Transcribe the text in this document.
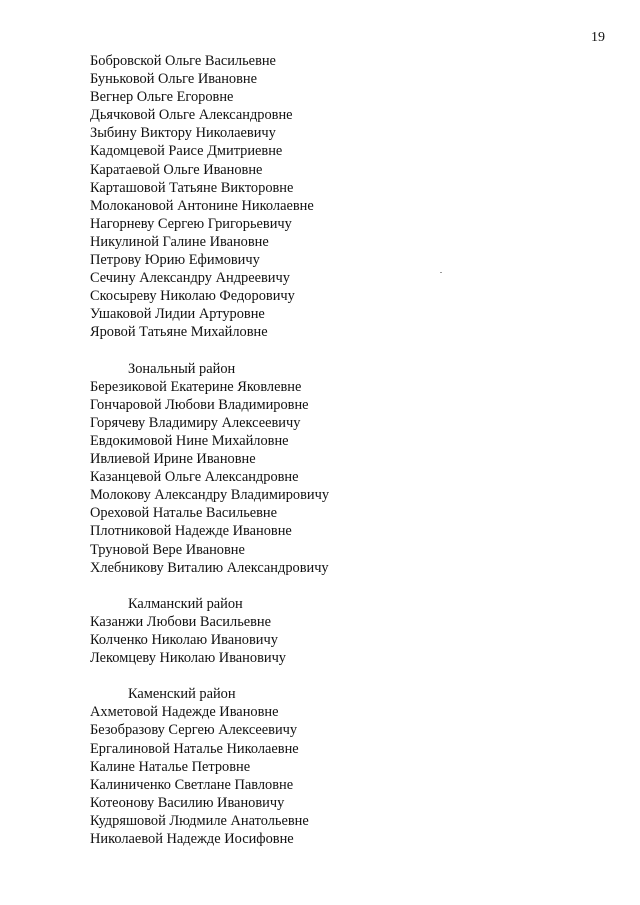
19
Бобровской Ольге Васильевне
Буньковой Ольге Ивановне
Вегнер Ольге Егоровне
Дьячковой Ольге Александровне
Зыбину Виктору Николаевичу
Кадомцевой Раисе Дмитриевне
Каратаевой Ольге Ивановне
Карташовой Татьяне Викторовне
Молокановой Антонине Николаевне
Нагорневу Сергею Григорьевичу
Никулиной Галине Ивановне
Петрову Юрию Ефимовичу
Сечину Александру Андреевичу
Скосыреву Николаю Федоровичу
Ушаковой Лидии Артуровне
Яровой Татьяне Михайловне
Зональный район
Березиковой Екатерине Яковлевне
Гончаровой Любови Владимировне
Горячеву Владимиру Алексеевичу
Евдокимовой Нине Михайловне
Ивлиевой Ирине Ивановне
Казанцевой Ольге Александровне
Молокову Александру Владимировичу
Ореховой Наталье Васильевне
Плотниковой Надежде Ивановне
Труновой Вере Ивановне
Хлебникову Виталию Александровичу
Калманский район
Казанжи Любови Васильевне
Колченко Николаю Ивановичу
Лекомцеву Николаю Ивановичу
Каменский район
Ахметовой Надежде Ивановне
Безобразову Сергею Алексеевичу
Ергалиновой Наталье Николаевне
Калине Наталье Петровне
Калиниченко Светлане Павловне
Котеонову Василию Ивановичу
Кудряшовой Людмиле Анатольевне
Николаевой Надежде Иосифовне
